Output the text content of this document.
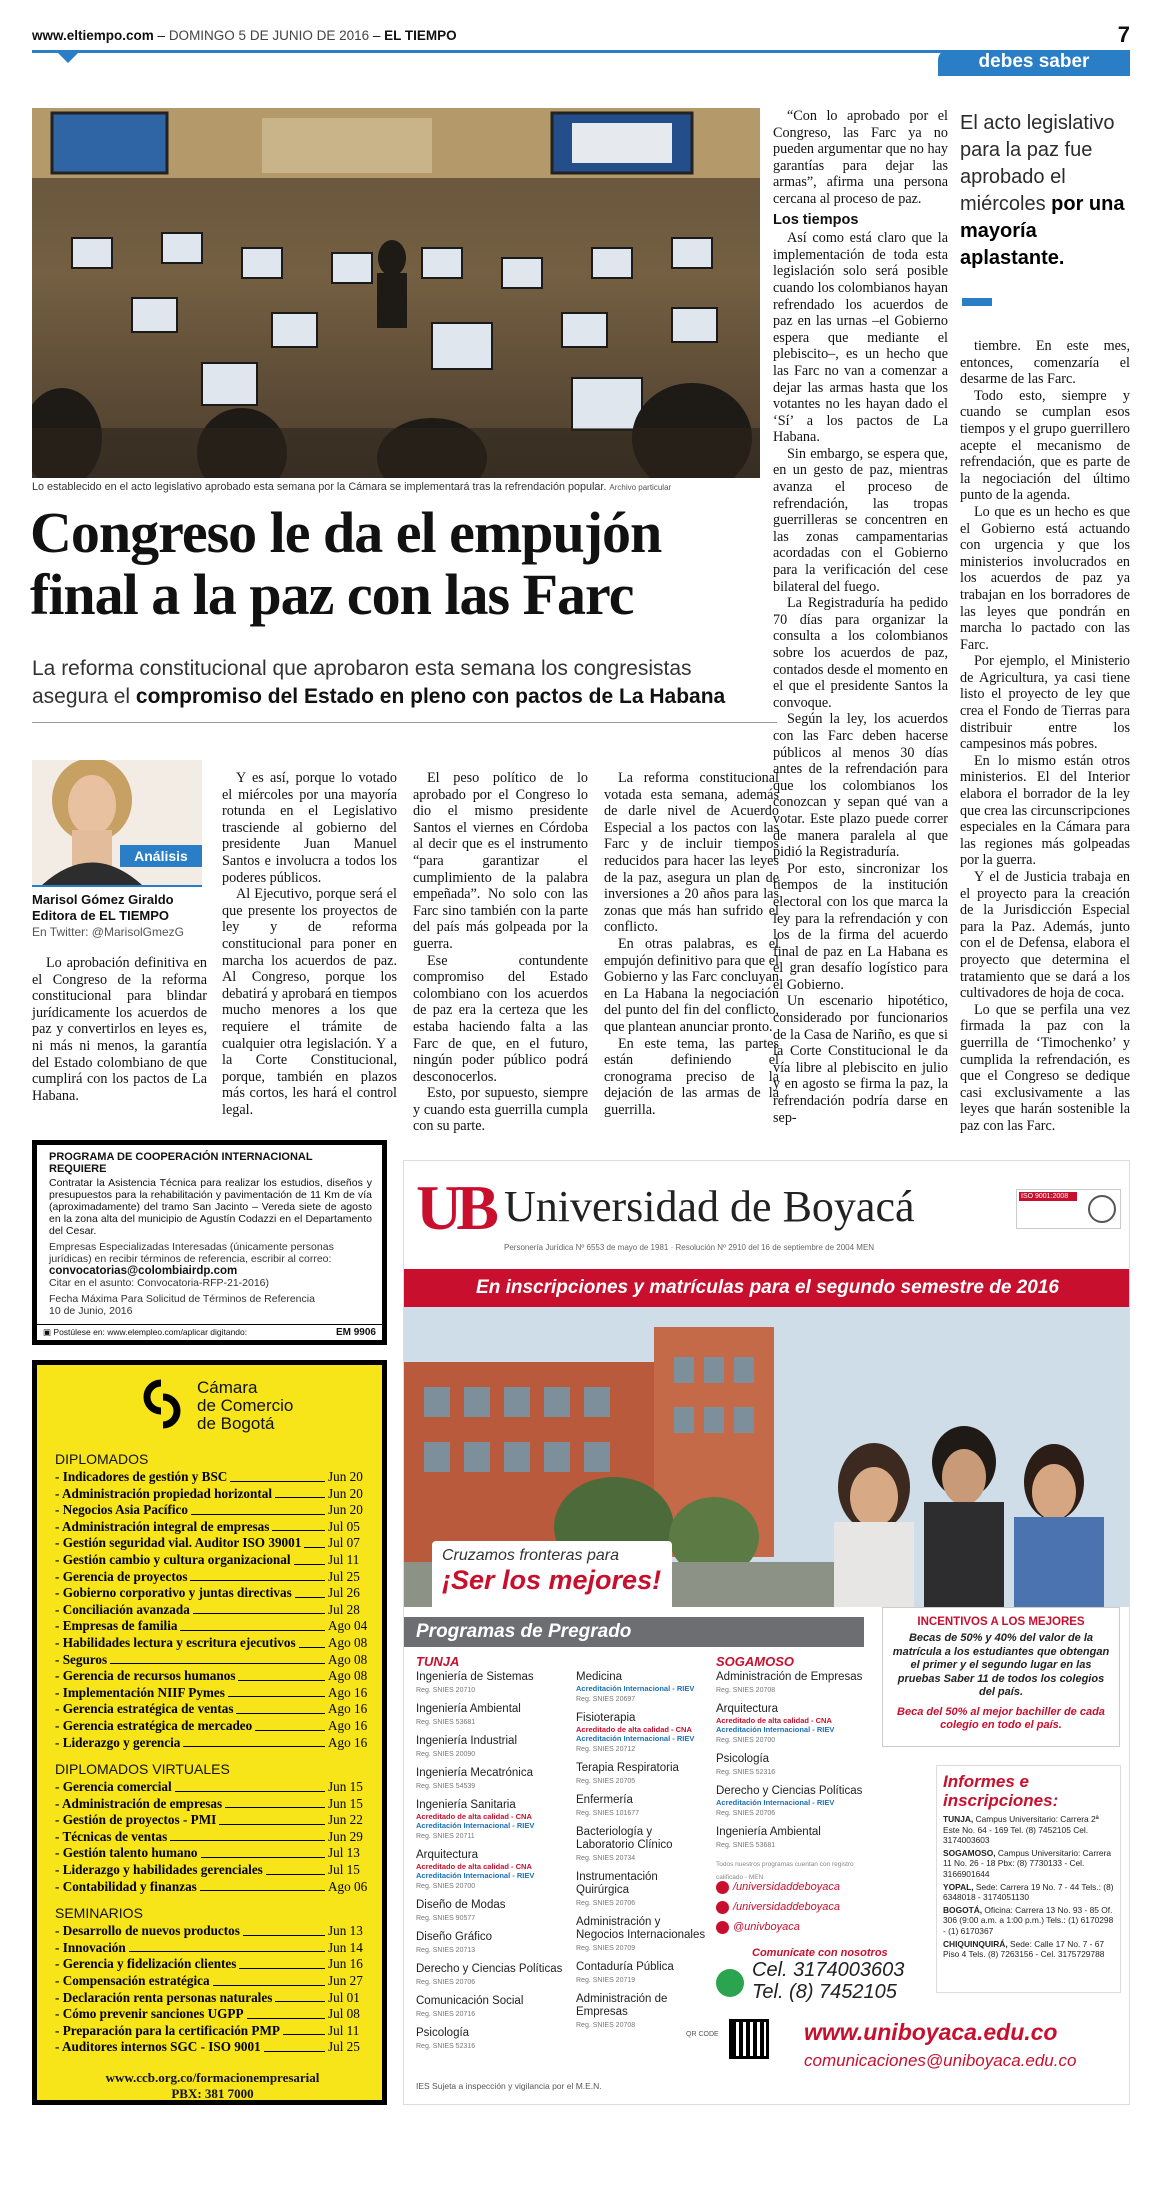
www.eltiempo.com – DOMINGO 5 DE JUNIO DE 2016 – EL TIEMPO	7
debes saber
El acto legislativo para la paz fue aprobado el miércoles por una mayoría aplastante.
Lo establecido en el acto legislativo aprobado esta semana por la Cámara se implementará tras la refrendación popular. Archivo particular
Congreso le da el empujón
final a la paz con las Farc
La reforma constitucional que aprobaron esta semana los congresistas
asegura el compromiso del Estado en pleno con pactos de La Habana
Análisis
Marisol Gómez Giraldo
Editora de EL TIEMPO
En Twitter: @MarisolGmezG

Lo aprobación definitiva en el Congreso de la reforma constitucional para blindar jurídicamente los acuerdos de paz y convertirlos en leyes es, ni más ni menos, la garantía del Estado colombiano de que cumplirá con los pactos de La Habana.

Y es así, porque lo votado el miércoles por una mayoría rotunda en el Legislativo trasciende al gobierno del presidente Juan Manuel Santos e involucra a todos los poderes públicos.

Al Ejecutivo, porque será el que presente los proyectos de ley y de reforma constitucional para poner en marcha los acuerdos de paz. Al Congreso, porque los debatirá y aprobará en tiempos mucho menores a los que requiere el trámite de cualquier otra legislación. Y a la Corte Constitucional, porque, también en plazos más cortos, les hará el control legal.

El peso político de lo aprobado por el Congreso lo dio el mismo presidente Santos el viernes en Córdoba al decir que es el instrumento “para garantizar el cumplimiento de la palabra empeñada”. No solo con las Farc sino también con la parte del país más golpeada por la guerra.

Ese contundente compromiso del Estado colombiano con los acuerdos de paz era la certeza que les estaba haciendo falta a las Farc de que, en el futuro, ningún poder público podrá desconocerlos.

Esto, por supuesto, siempre y cuando esta guerrilla cumpla con su parte.

La reforma constitucional votada esta semana, además de darle nivel de Acuerdo Especial a los pactos con las Farc y de incluir tiempos reducidos para hacer las leyes de la paz, asegura un plan de inversiones a 20 años para las zonas que más han sufrido el conflicto.

En otras palabras, es el empujón definitivo para que el Gobierno y las Farc concluyan en La Habana la negociación del punto del fin del conflicto, que plantean anunciar pronto.

En este tema, las partes están definiendo el cronograma preciso de la dejación de las armas de la guerrilla.

“Con lo aprobado por el Congreso, las Farc ya no pueden argumentar que no hay garantías para dejar las armas”, afirma una persona cercana al proceso de paz.

Los tiempos

Así como está claro que la implementación de toda esta legislación solo será posible cuando los colombianos hayan refrendado los acuerdos de paz en las urnas –el Gobierno espera que mediante el plebiscito–, es un hecho que las Farc no van a comenzar a dejar las armas hasta que los votantes no les hayan dado el ‘Sí’ a los pactos de La Habana.

Sin embargo, se espera que, en un gesto de paz, mientras avanza el proceso de refrendación, las tropas guerrilleras se concentren en las zonas campamentarias acordadas con el Gobierno para la verificación del cese bilateral del fuego.

La Registraduría ha pedido 70 días para organizar la consulta a los colombianos sobre los acuerdos de paz, contados desde el momento en el que el presidente Santos la convoque.

Según la ley, los acuerdos con las Farc deben hacerse públicos al menos 30 días antes de la refrendación para que los colombianos los conozcan y sepan qué van a votar. Este plazo puede correr de manera paralela al que pidió la Registraduría.

Por esto, sincronizar los tiempos de la institución electoral con los que marca la ley para la refrendación y con los de la firma del acuerdo final de paz en La Habana es el gran desafío logístico para el Gobierno.

Un escenario hipotético, considerado por funcionarios de la Casa de Nariño, es que si la Corte Constitucional le da vía libre al plebiscito en julio y en agosto se firma la paz, la refrendación podría darse en sep-

tiembre. En este mes, entonces, comenzaría el desarme de las Farc.

Todo esto, siempre y cuando se cumplan esos tiempos y el grupo guerrillero acepte el mecanismo de refrendación, que es parte de la negociación del último punto de la agenda.

Lo que es un hecho es que el Gobierno está actuando con urgencia y que los ministerios involucrados en los acuerdos de paz ya trabajan en los borradores de las leyes que pondrán en marcha lo pactado con las Farc.

Por ejemplo, el Ministerio de Agricultura, ya casi tiene listo el proyecto de ley que crea el Fondo de Tierras para distribuir entre los campesinos más pobres.

En lo mismo están otros ministerios. El del Interior elabora el borrador de la ley que crea las circunscripciones especiales en la Cámara para las regiones más golpeadas por la guerra.

Y el de Justicia trabaja en el proyecto para la creación de la Jurisdicción Especial para la Paz. Además, junto con el de Defensa, elabora el proyecto que determina el tratamiento que se dará a los cultivadores de hoja de coca.

Lo que se perfila una vez firmada la paz con la guerrilla de ‘Timochenko’ y cumplida la refrendación, es que el Congreso se dedique casi exclusivamente a las leyes que harán sostenible la paz con las Farc.

PROGRAMA DE COOPERACIÓN INTERNACIONAL REQUIERE
Contratar la Asistencia Técnica para realizar los estudios, diseños y presupuestos para la rehabilitación y pavimentación de 11 Km de vía (aproximadamente) del tramo San Jacinto – Vereda siete de agosto en la zona alta del municipio de Agustín Codazzi en el Departamento del Cesar.
Empresas Especializadas Interesadas (únicamente personas jurídicas) en recibir términos de referencia, escribir al correo:
convocatorias@colombiairdp.com
Citar en el asunto: Convocatoria-RFP-21-2016)
Fecha Máxima Para Solicitud de Términos de Referencia
10 de Junio, 2016
▣ Postúlese en: www.elempleo.com/aplicar digitando:	EM 9906
Cámara
de Comercio
de Bogotá
DIPLOMADOS
- Indicadores de gestión y BSC	Jun 20
- Administración propiedad horizontal	Jun 20
- Negocios Asia Pacífico	Jun 20
- Administración integral de empresas	Jul 05
- Gestión seguridad vial. Auditor ISO 39001 Jul 07
- Gestión cambio y cultura organizacional	Jul 11
- Gerencia de proyectos	Jul 25
- Gobierno corporativo y juntas directivas	Jul 26
- Conciliación avanzada	Jul 28
- Empresas de familia	Ago 04
- Habilidades lectura y escritura ejecutivos Ago 08
- Seguros	Ago 08
- Gerencia de recursos humanos	Ago 08
- Implementación NIIF Pymes	Ago 16
- Gerencia estratégica de ventas	Ago 16
- Gerencia estratégica de mercadeo	Ago 16
- Liderazgo y gerencia	Ago 16
DIPLOMADOS VIRTUALES
- Gerencia comercial	Jun 15
- Administración de empresas	Jun 15
- Gestión de proyectos - PMI	Jun 22
- Técnicas de ventas	Jun 29
- Gestión talento humano	Jul 13
- Liderazgo y habilidades gerenciales	Jul 15
- Contabilidad y finanzas	Ago 06
SEMINARIOS
- Desarrollo de nuevos productos	Jun 13
- Innovación	Jun 14
- Gerencia y fidelización clientes	Jun 16
- Compensación estratégica	Jun 27
- Declaración renta personas naturales	Jul 01
- Cómo prevenir sanciones UGPP	Jul 08
- Preparación para la certificación PMP	Jul 11
- Auditores internos SGC - ISO 9001	Jul 25
www.ccb.org.co/formacionempresarial
PBX: 381 7000
UB Universidad de Boyacá	ISO 9001:2008
Personería Jurídica Nº 6553 de mayo de 1981 · Resolución Nº 2910 del 16 de septiembre de 2004 MEN
En inscripciones y matrículas para el segundo semestre de 2016
Cruzamos fronteras para
¡Ser los mejores!
Programas de Pregrado
TUNJA
Ingeniería de Sistemas
Reg. SNIES 20710
Ingeniería Ambiental
Reg. SNIES 53681
Ingeniería Industrial
Reg. SNIES 20090
Ingeniería Mecatrónica
Reg. SNIES 54539
Ingeniería Sanitaria
Acreditado de alta calidad - CNA
Acreditación Internacional - RIEV
Reg. SNIES 20711
Arquitectura
Acreditado de alta calidad - CNA
Acreditación Internacional - RIEV
Reg. SNIES 20700
Diseño de Modas
Reg. SNIES 90577
Diseño Gráfico
Reg. SNIES 20713
Derecho y Ciencias Políticas
Reg. SNIES 20706
Comunicación Social
Reg. SNIES 20716
Psicología
Reg. SNIES 52316
Medicina
Acreditación Internacional - RIEV
Reg. SNIES 20697
Fisioterapia
Acreditado de alta calidad - CNA
Acreditación Internacional - RIEV
Reg. SNIES 20712
Terapia Respiratoria
Reg. SNIES 20705
Enfermería
Reg. SNIES 101677
Bacteriología y Laboratorio Clínico
Reg. SNIES 20734
Instrumentación Quirúrgica
Reg. SNIES 20706
Administración y Negocios Internacionales
Reg. SNIES 20709
Contaduría Pública
Reg. SNIES 20719
Administración de Empresas
Reg. SNIES 20708
SOGAMOSO
Administración de Empresas
Reg. SNIES 20708
Arquitectura
Acreditado de alta calidad - CNA
Acreditación Internacional - RIEV
Reg. SNIES 20700
Psicología
Reg. SNIES 52316
Derecho y Ciencias Políticas
Acreditación Internacional - RIEV
Reg. SNIES 20706
Ingeniería Ambiental
Reg. SNIES 53681
Todos nuestros programas cuentan con registro calificado - MEN
INCENTIVOS A LOS MEJORES
Becas de 50% y 40% del valor de la matrícula a los estudiantes que obtengan el primer y el segundo lugar en las pruebas Saber 11 de todos los colegios del país.
Beca del 50% al mejor bachiller de cada colegio en todo el país.
Informes e
inscripciones:
TUNJA, Campus Universitario: Carrera 2ª Este No. 64 - 169 Tel. (8) 7452105 Cel. 3174003603
SOGAMOSO, Campus Universitario: Carrera 11 No. 26 - 18 Pbx: (8) 7730133 - Cel. 3166901644
YOPAL, Sede: Carrera 19 No. 7 - 44 Tels.: (8) 6348018 - 3174051130
BOGOTÁ, Oficina: Carrera 13 No. 93 - 85 Of. 306 (9:00 a.m. a 1:00 p.m.) Tels.: (1) 6170298 - (1) 6170367
CHIQUINQUIRÁ, Sede: Calle 17 No. 7 - 67 Piso 4 Tels. (8) 7263156 - Cel. 3175729788
/universidaddeboyaca
/universidaddeboyaca
@univboyaca
Comunícate con nosotros
Cel. 3174003603
Tel. (8) 7452105
QR CODE	www.uniboyaca.edu.co
comunicaciones@uniboyaca.edu.co
IES Sujeta a inspección y vigilancia por el M.E.N.
